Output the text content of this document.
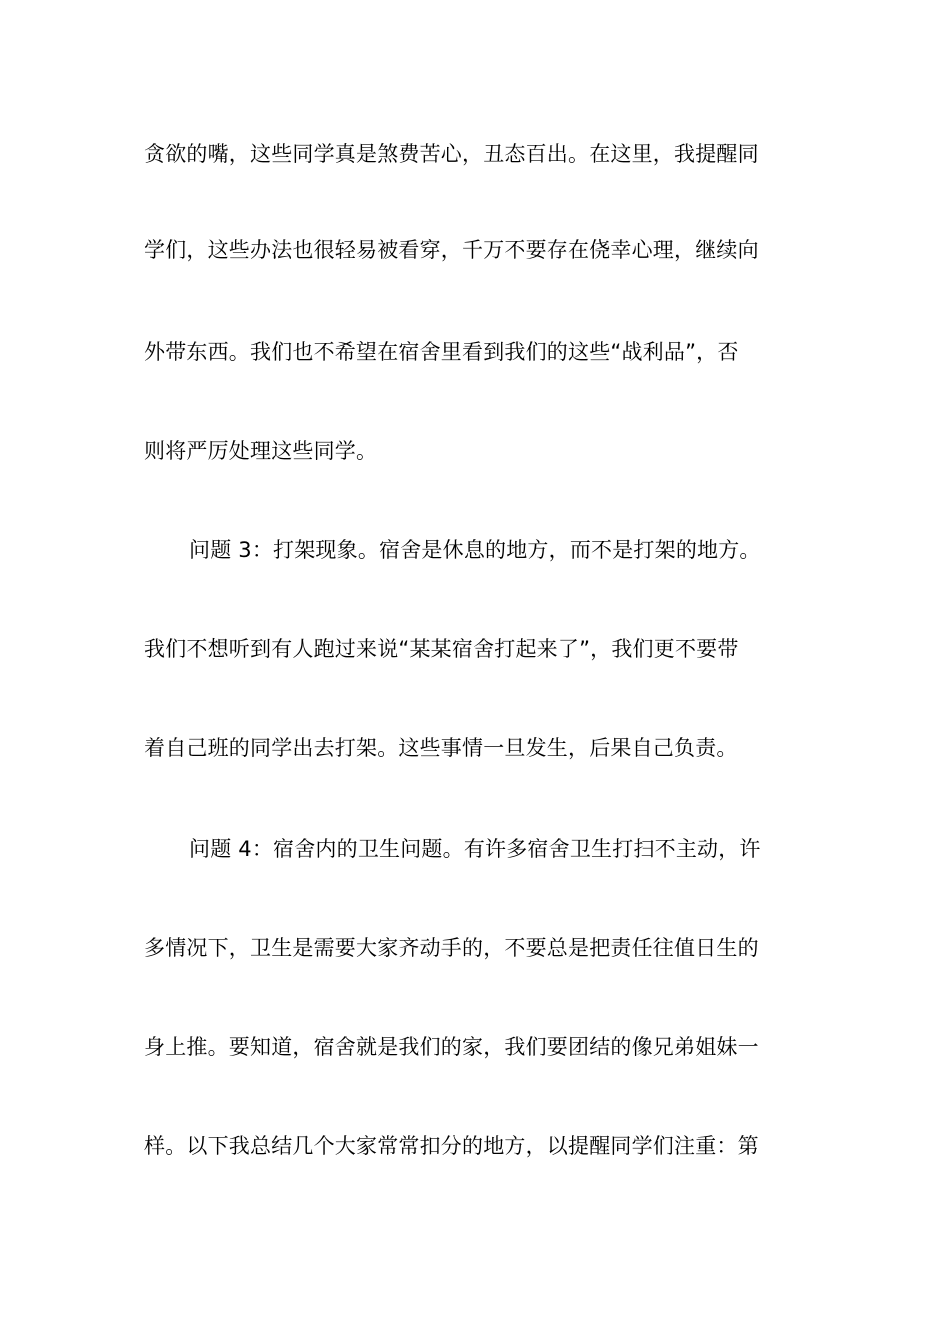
贪欲的嘴，这些同学真是煞费苦心，丑态百出。在这里，我提醒同
学们，这些办法也很轻易被看穿，千万不要存在侥幸心理，继续向
外带东西。我们也不希望在宿舍里看到我们的这些“战利品”，否
则将严厉处理这些同学。
问题 3：打架现象。宿舍是休息的地方，而不是打架的地方。
我们不想听到有人跑过来说“某某宿舍打起来了”，我们更不要带
着自己班的同学出去打架。这些事情一旦发生，后果自己负责。
问题 4：宿舍内的卫生问题。有许多宿舍卫生打扫不主动，许
多情况下，卫生是需要大家齐动手的，不要总是把责任往值日生的
身上推。要知道，宿舍就是我们的家，我们要团结的像兄弟姐妹一
样。以下我总结几个大家常常扣分的地方，以提醒同学们注重：第
